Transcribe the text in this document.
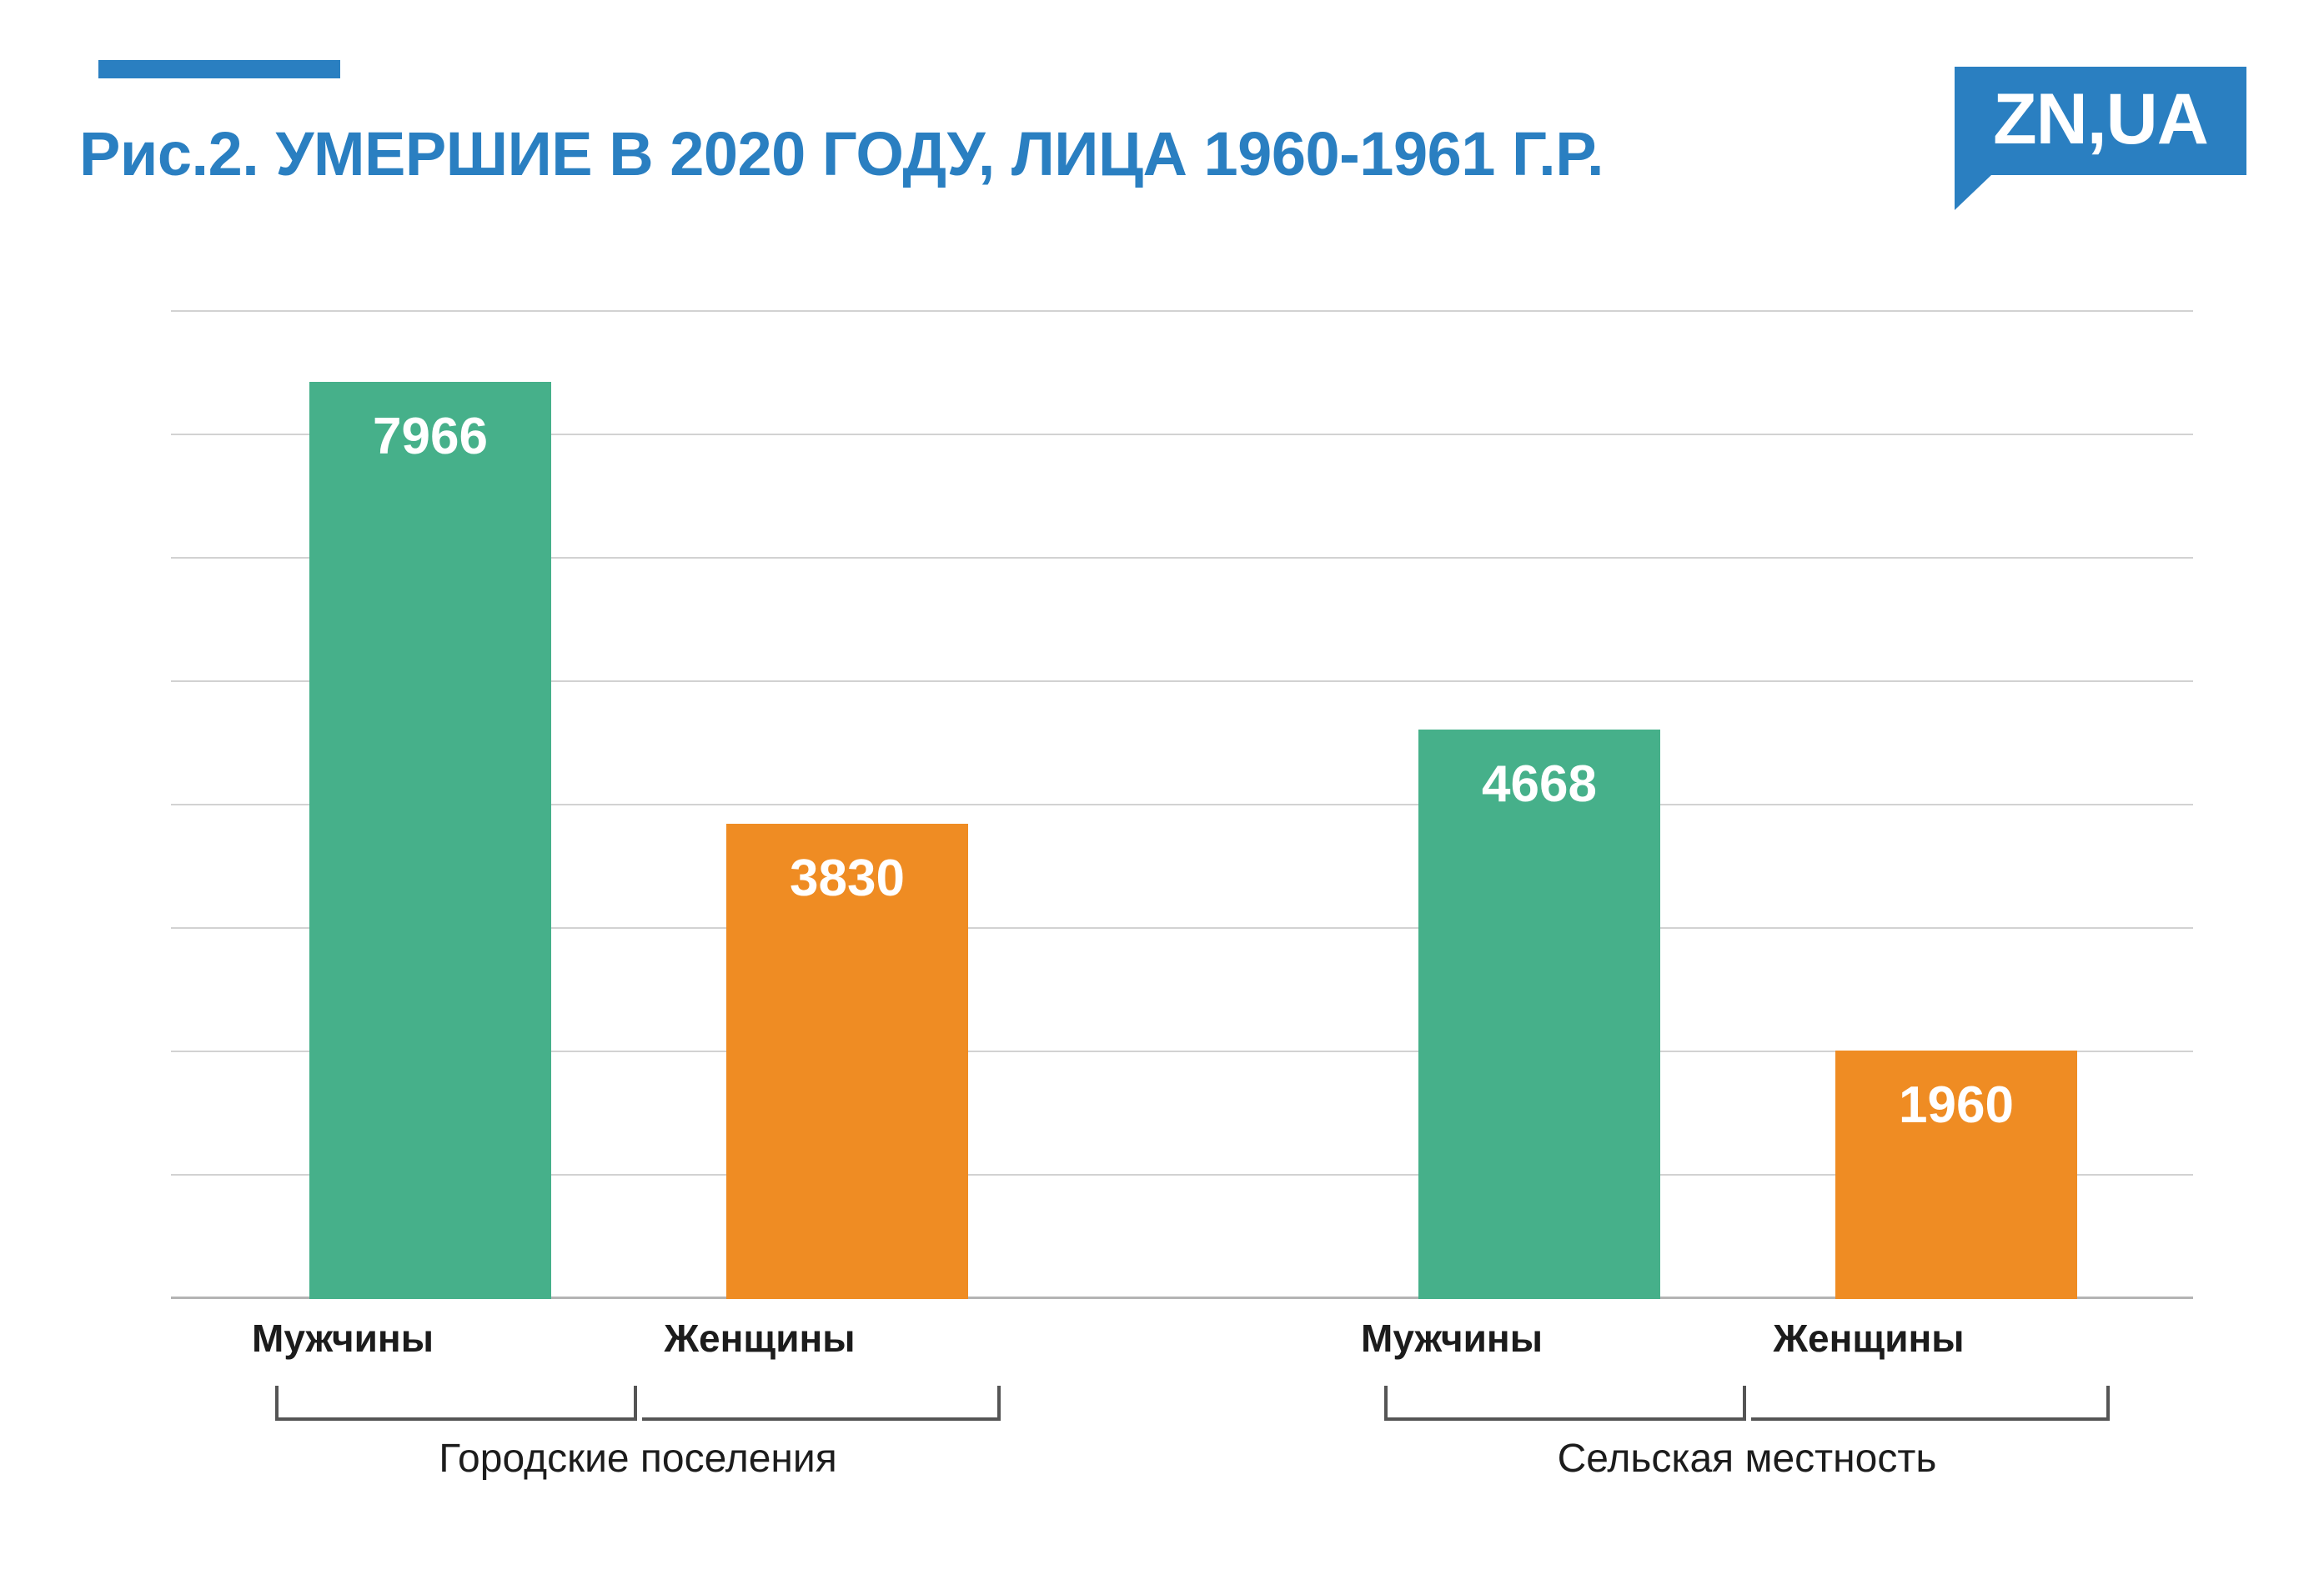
Рис.2. УМЕРШИЕ В 2020 ГОДУ, ЛИЦА 1960-1961 Г.Р.	ZN,UA
7966
3830
4668
1960
Мужчины	Женщины	Мужчины	Женщины
Городские поселения	Сельская местность
